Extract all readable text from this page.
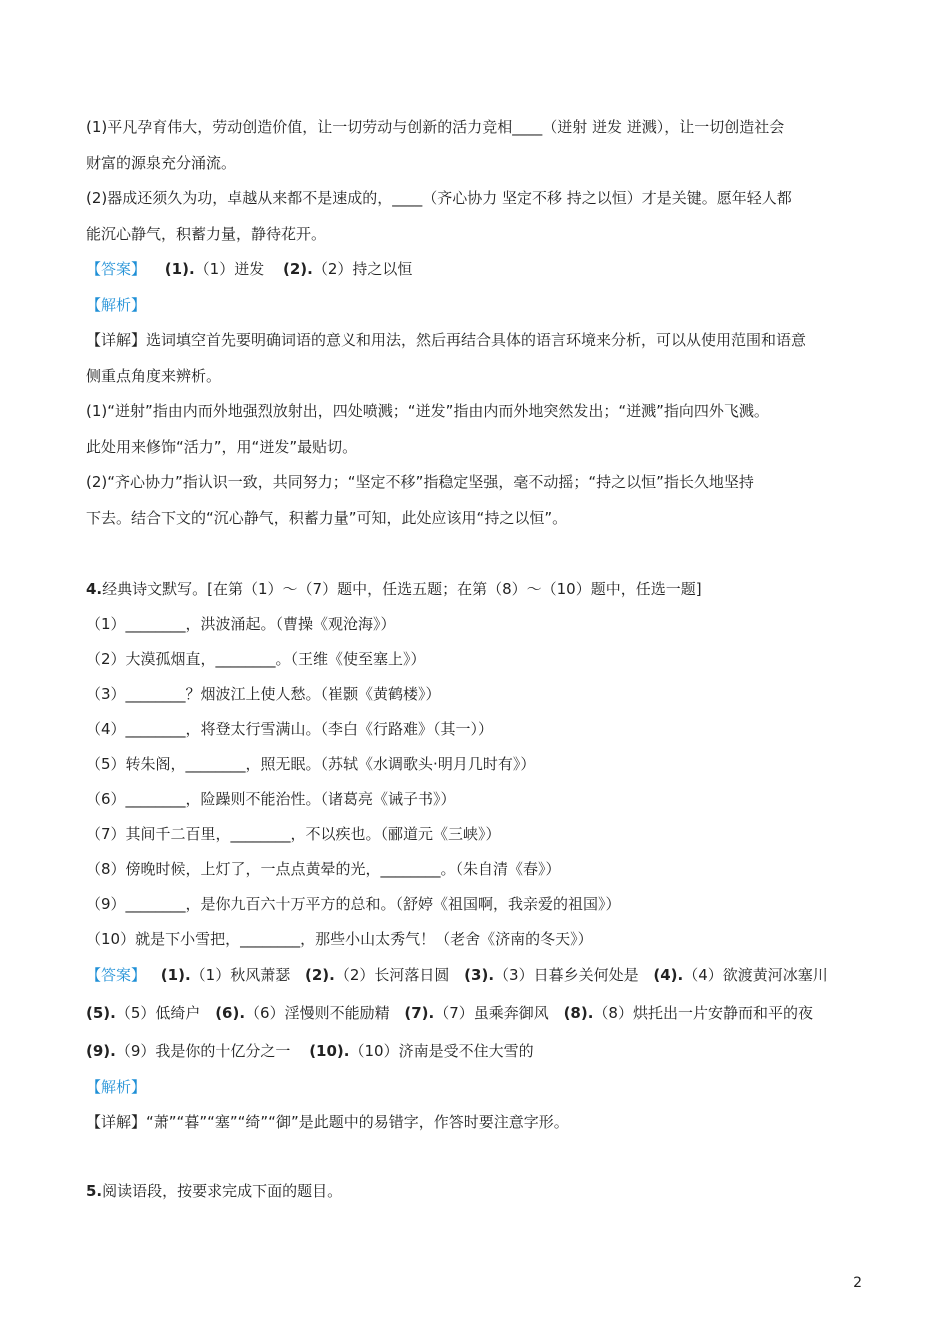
(1)平凡孕育伟大，劳动创造价值，让一切劳动与创新的活力竞相____（迸射 迸发 迸溅），让一切创造社会
财富的源泉充分涌流。
(2)器成还须久为功，卓越从来都不是速成的，____（齐心协力 坚定不移 持之以恒）才是关键。愿年轻人都
能沉心静气，积蓄力量，静待花开。
【答案】 (1).（1）迸发 (2).（2）持之以恒
【解析】
【详解】选词填空首先要明确词语的意义和用法，然后再结合具体的语言环境来分析，可以从使用范围和语意
侧重点角度来辨析。
(1)“迸射”指由内而外地强烈放射出，四处喷溅；“迸发”指由内而外地突然发出；“迸溅”指向四外飞溅。
此处用来修饰“活力”，用“迸发”最贴切。
(2)“齐心协力”指认识一致，共同努力；“坚定不移”指稳定坚强，毫不动摇；“持之以恒”指长久地坚持
下去。结合下文的“沉心静气，积蓄力量”可知，此处应该用“持之以恒”。
4.经典诗文默写。[在第（1）～（7）题中，任选五题；在第（8）～（10）题中，任选一题]
（1）________，洪波涌起。（曹操《观沧海》）
（2）大漠孤烟直，________。（王维《使至塞上》）
（3）________？烟波江上使人愁。（崔颢《黄鹤楼》）
（4）________，将登太行雪满山。（李白《行路难》（其一））
（5）转朱阁，________，照无眠。（苏轼《水调歌头·明月几时有》）
（6）________，险躁则不能治性。（诸葛亮《诫子书》）
（7）其间千二百里，________，不以疾也。（郦道元《三峡》）
（8）傍晚时候，上灯了，一点点黄晕的光，________。（朱自清《春》）
（9）________，是你九百六十万平方的总和。（舒婷《祖国啊，我亲爱的祖国》）
（10）就是下小雪把，________，那些小山太秀气！（老舍《济南的冬天》）
【答案】 (1).（1）秋风萧瑟 (2).（2）长河落日圆 (3).（3）日暮乡关何处是 (4).（4）欲渡黄河冰塞川
(5).（5）低绮户 (6).（6）淫慢则不能励精 (7).（7）虽乘奔御风 (8).（8）烘托出一片安静而和平的夜
(9).（9）我是你的十亿分之一 (10).（10）济南是受不住大雪的
【解析】
【详解】“萧”“暮”“塞”“绮”“御”是此题中的易错字，作答时要注意字形。
5.阅读语段，按要求完成下面的题目。
2
